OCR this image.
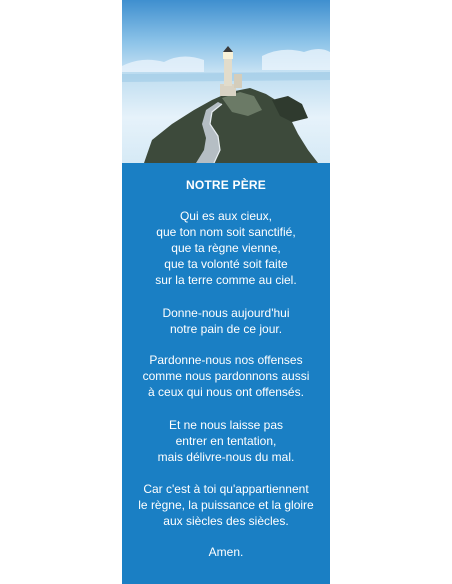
NOTRE PÈRE
Qui es aux cieux,
que ton nom soit sanctifié,
que ta règne vienne,
que ta volonté soit faite
sur la terre comme au ciel.
Donne-nous aujourd'hui
notre pain de ce jour.
Pardonne-nous nos offenses
comme nous pardonnons aussi
à ceux qui nous ont offensés.
Et ne nous laisse pas
entrer en tentation,
mais délivre-nous du mal.
Car c'est à toi qu'appartiennent
le règne, la puissance et la gloire
aux siècles des siècles.
Amen.
